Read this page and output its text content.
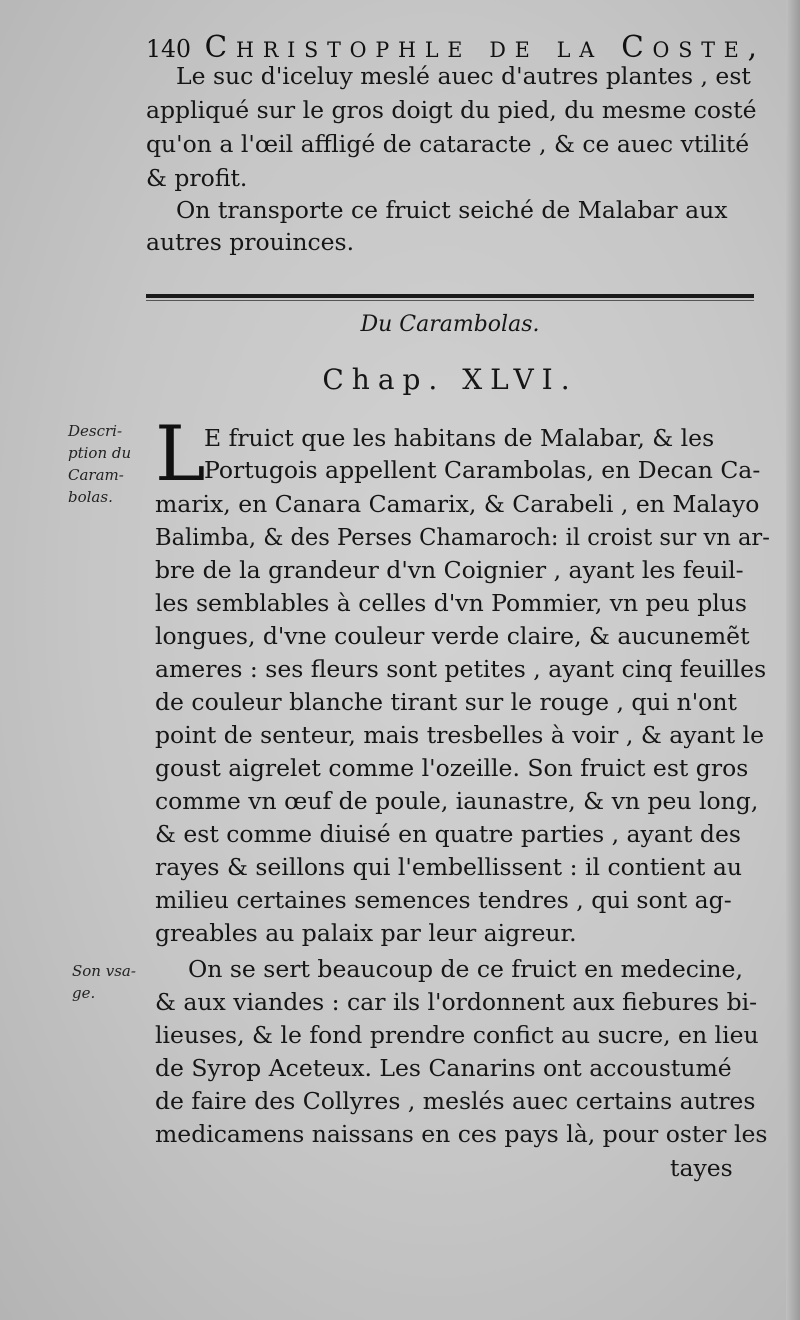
140 Christophle de la Coste,
Le suc d'iceluy meslé auec d'autres plantes , est
appliqué sur le gros doigt du pied, du mesme costé
qu'on a l'œil affligé de cataracte , & ce auec vtilité
& profit.
On transporte ce fruict seiché de Malabar aux
autres prouinces.
Du Carambolas.
Chap. XLVI.
Descri-
ption du
Caram-
bolas.
Son vsa-
ge.
L
E fruict que les habitans de Malabar, & les
Portugois appellent Carambolas, en Decan Ca-
marix, en Canara Camarix, & Carabeli , en Malayo
Balimba, & des Perses Chamaroch: il croist sur vn ar-
bre de la grandeur d'vn Coignier , ayant les feuil-
les semblables à celles d'vn Pommier, vn peu plus
longues, d'vne couleur verde claire, & aucunemẽt
ameres : ses fleurs sont petites , ayant cinq feuilles
de couleur blanche tirant sur le rouge , qui n'ont
point de senteur, mais tresbelles à voir , & ayant le
goust aigrelet comme l'ozeille. Son fruict est gros
comme vn œuf de poule, iaunastre, & vn peu long,
& est comme diuisé en quatre parties , ayant des
rayes & seillons qui l'embellissent : il contient au
milieu certaines semences tendres , qui sont ag-
greables au palaix par leur aigreur.
On se sert beaucoup de ce fruict en medecine,
& aux viandes : car ils l'ordonnent aux fiebures bi-
lieuses, & le fond prendre confict au sucre, en lieu
de Syrop Aceteux. Les Canarins ont accoustumé
de faire des Collyres , meslés auec certains autres
medicamens naissans en ces pays là, pour oster les
tayes
